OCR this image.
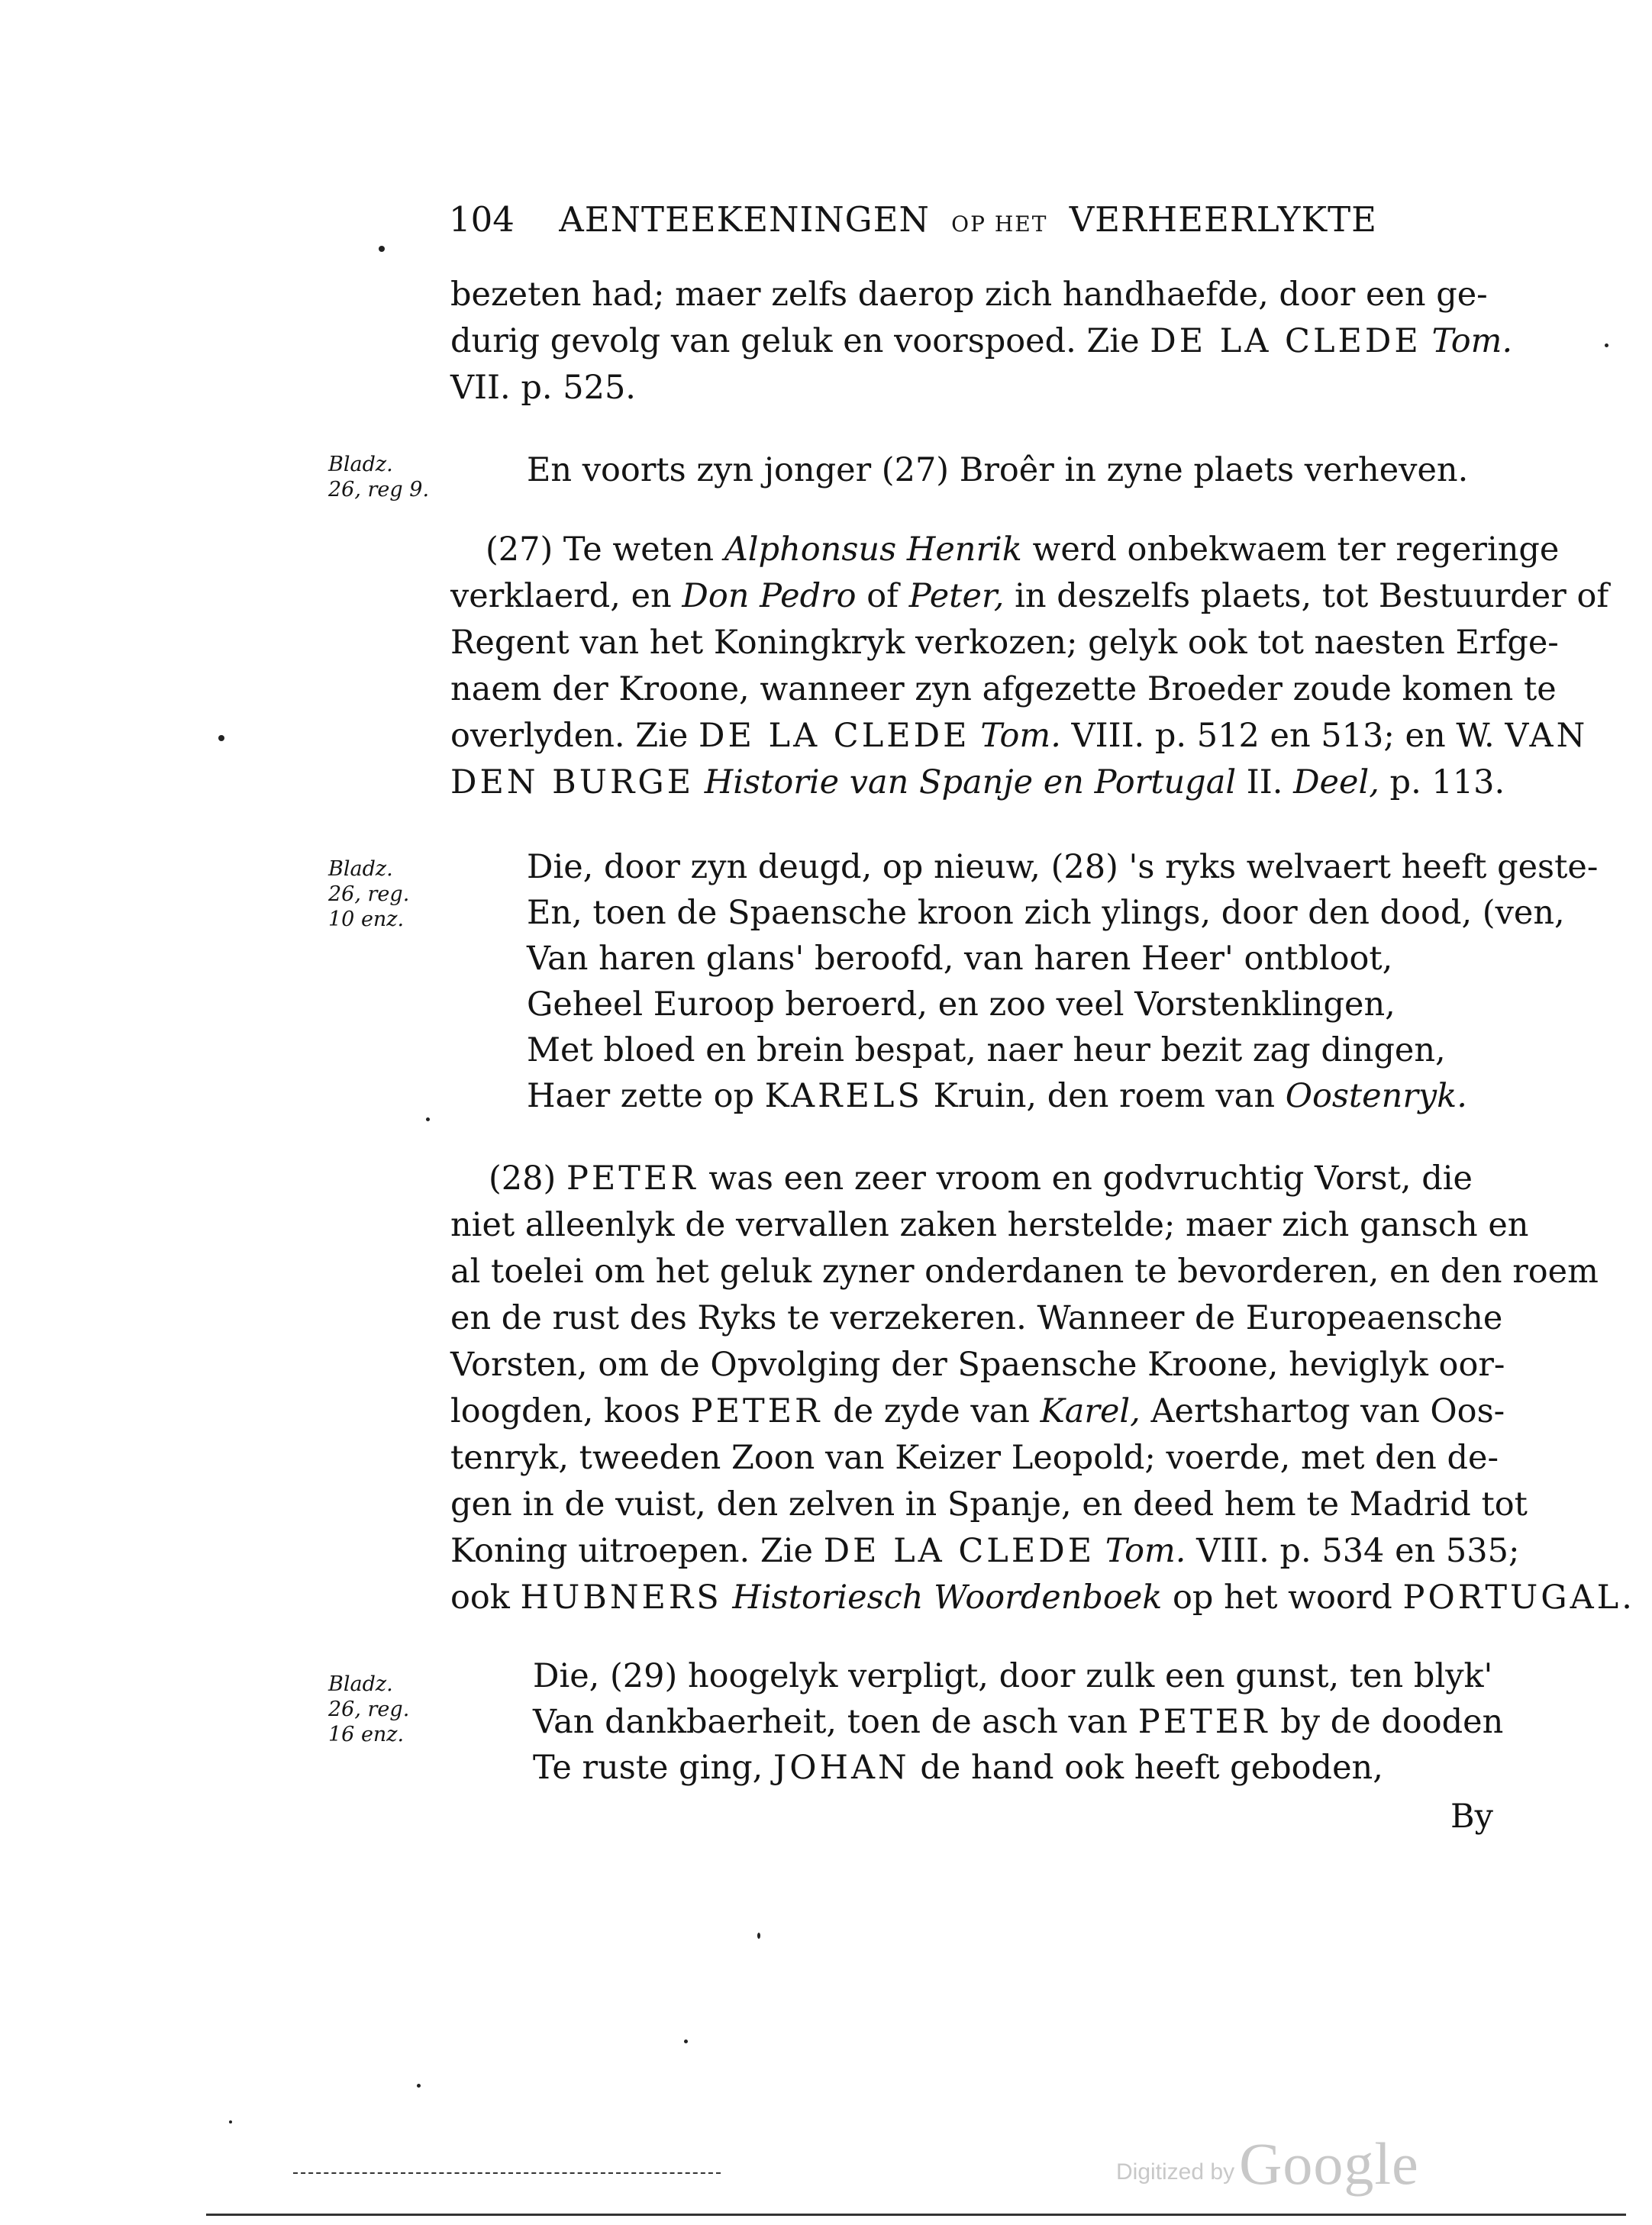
104 AENTEEKENINGEN OP HET VERHEERLYKTE
bezeten had; maer zelfs daerop zich handhaefde, door een ge-
durig gevolg van geluk en voorspoed. Zie DE LA CLEDE Tom.
VII. p. 525.
Bladz.
26, reg 9.
En voorts zyn jonger (27) Broêr in zyne plaets verheven.
(27) Te weten Alphonsus Henrik werd onbekwaem ter regeringe
verklaerd, en Don Pedro of Peter, in deszelfs plaets, tot Bestuurder of
Regent van het Koningkryk verkozen; gelyk ook tot naesten Erfge-
naem der Kroone, wanneer zyn afgezette Broeder zoude komen te
overlyden. Zie DE LA CLEDE Tom. VIII. p. 512 en 513; en W. VAN
DEN BURGE Historie van Spanje en Portugal II. Deel, p. 113.
Bladz.
26, reg.
10 enz.
Die, door zyn deugd, op nieuw, (28) 's ryks welvaert heeft geste-
En, toen de Spaensche kroon zich ylings, door den dood, (ven,
Van haren glans' beroofd, van haren Heer' ontbloot,
Geheel Euroop beroerd, en zoo veel Vorstenklingen,
Met bloed en brein bespat, naer heur bezit zag dingen,
Haer zette op KARELS Kruin, den roem van Oostenryk.
(28) PETER was een zeer vroom en godvruchtig Vorst, die
niet alleenlyk de vervallen zaken herstelde; maer zich gansch en
al toelei om het geluk zyner onderdanen te bevorderen, en den roem
en de rust des Ryks te verzekeren. Wanneer de Europeaensche
Vorsten, om de Opvolging der Spaensche Kroone, heviglyk oor-
loogden, koos PETER de zyde van Karel, Aertshartog van Oos-
tenryk, tweeden Zoon van Keizer Leopold; voerde, met den de-
gen in de vuist, den zelven in Spanje, en deed hem te Madrid tot
Koning uitroepen. Zie DE LA CLEDE Tom. VIII. p. 534 en 535;
ook HUBNERS Historiesch Woordenboek op het woord PORTUGAL.
Bladz.
26, reg.
16 enz.
Die, (29) hoogelyk verpligt, door zulk een gunst, ten blyk'
Van dankbaerheit, toen de asch van PETER by de dooden
Te ruste ging, JOHAN de hand ook heeft geboden,
By
Digitized byGoogle
